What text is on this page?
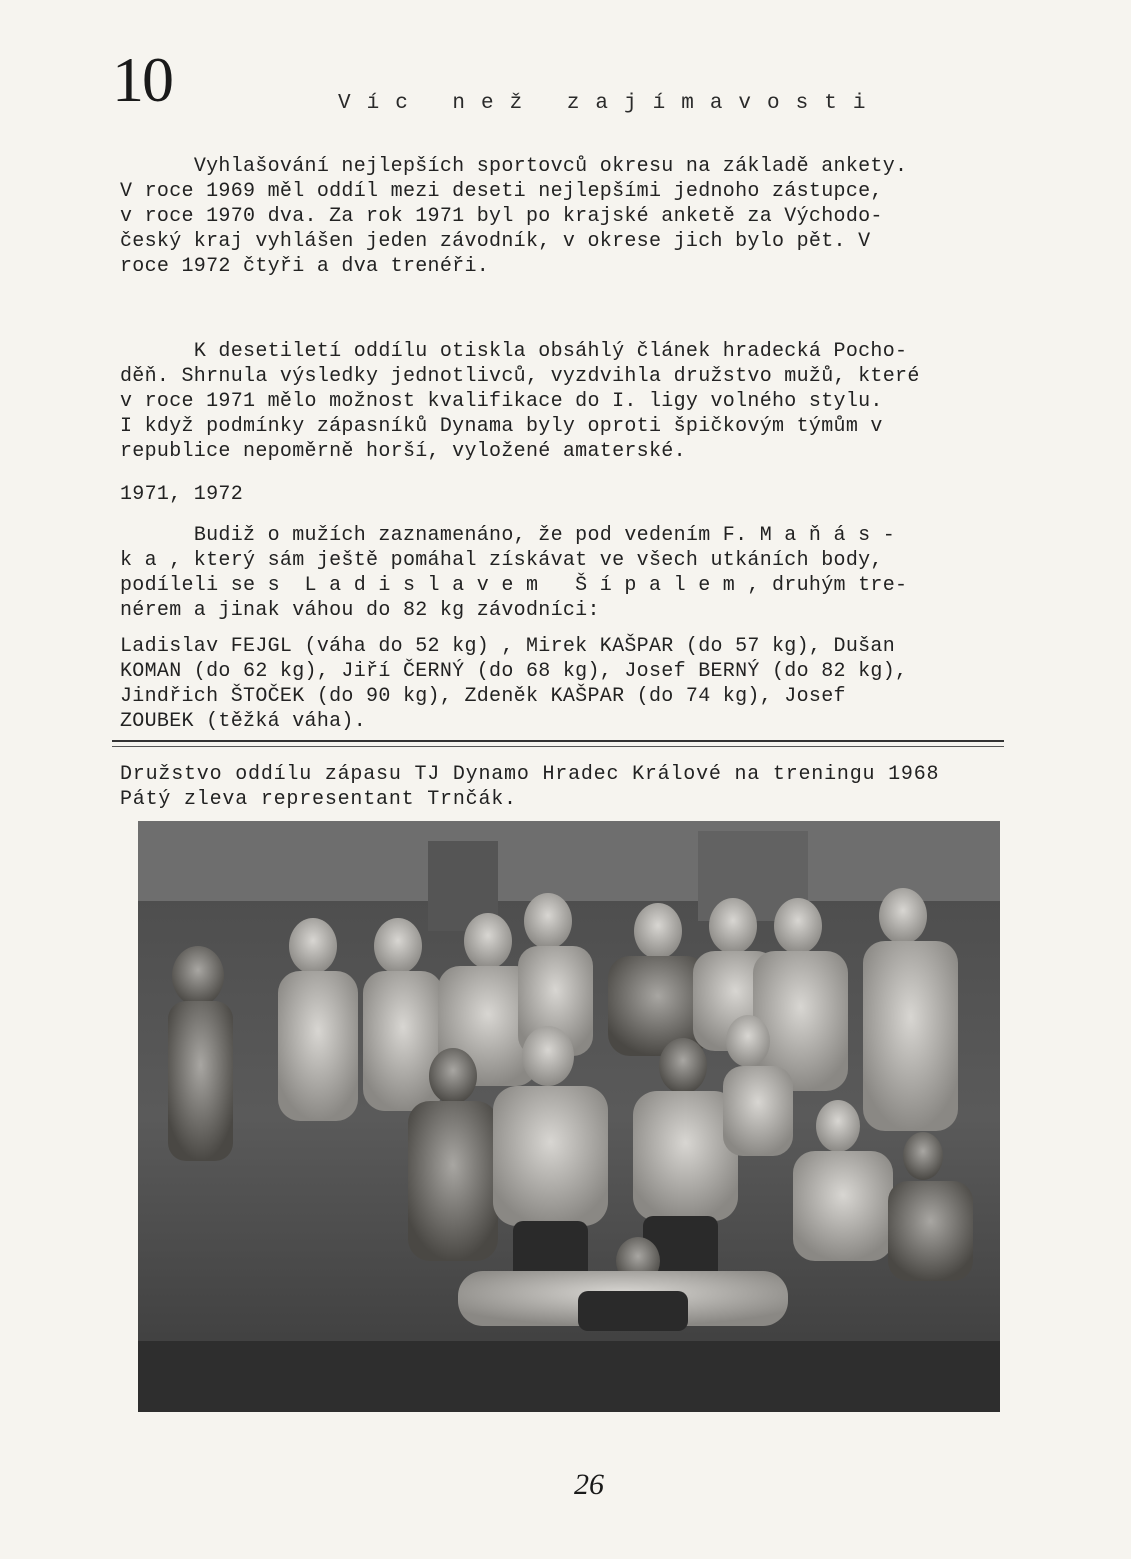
10	Víc než zajímavosti
Vyhlašování nejlepších sportovců okresu na základě ankety.
V roce 1969 měl oddíl mezi deseti nejlepšími jednoho zástupce,
v roce 1970 dva. Za rok 1971 byl po krajské anketě za Východo-
český kraj vyhlášen jeden závodník, v okrese jich bylo pět. V
roce 1972 čtyři a dva trenéři.
K desetiletí oddílu otiskla obsáhlý článek hradecká Pocho-
děň. Shrnula výsledky jednotlivců, vyzdvihla družstvo mužů, které
v roce 1971 mělo možnost kvalifikace do I. ligy volného stylu.
I když podmínky zápasníků Dynama byly oproti špičkovým týmům v
republice nepoměrně horší, vyložené amaterské.
1971, 1972
Budiž o mužích zaznamenáno, že pod vedením F. M a ň á s -
k a , který sám ještě pomáhal získávat ve všech utkáních body,
podíleli se s  L a d i s l a v e m   Š í p a l e m , druhým tre-
nérem a jinak váhou do 82 kg závodníci:
Ladislav FEJGL (váha do 52 kg) , Mirek KAŠPAR (do 57 kg), Dušan
KOMAN (do 62 kg), Jiří ČERNÝ (do 68 kg), Josef BERNÝ (do 82 kg),
Jindřich ŠTOČEK (do 90 kg), Zdeněk KAŠPAR (do 74 kg), Josef
ZOUBEK (těžká váha).
Družstvo oddílu zápasu TJ Dynamo Hradec Králové na treningu 1968
Pátý zleva representant Trnčák.
26
